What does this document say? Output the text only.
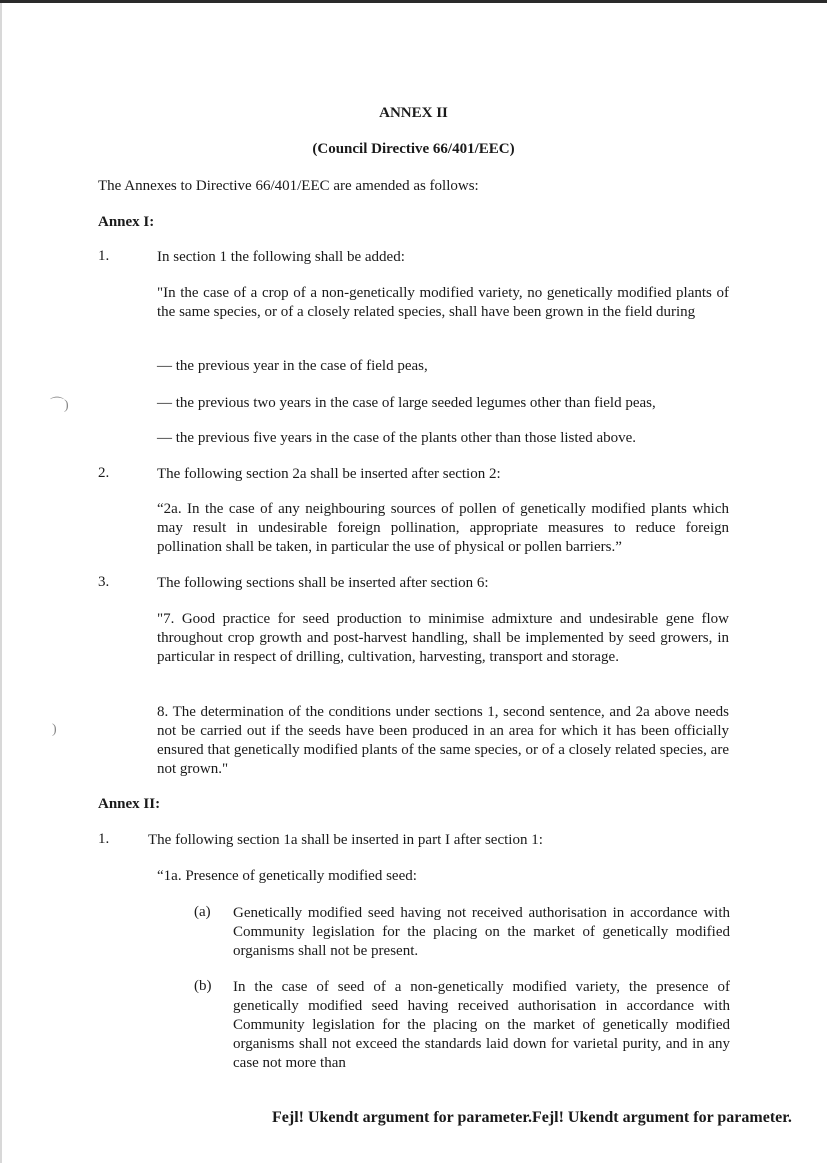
⌒)
)
ANNEX II
(Council Directive 66/401/EEC)

The Annexes to Directive 66/401/EEC are amended as follows:

Annex I:

1.	In section 1 the following shall be added:

"In the case of a crop of a non-genetically modified variety, no genetically modified plants of the same species, or of a closely related species, shall have been grown in the field during

— the previous year in the case of field peas,

— the previous two years in the case of large seeded legumes other than field peas,

— the previous five years in the case of the plants other than those listed above.

2.	The following section 2a shall be inserted after section 2:

“2a. In the case of any neighbouring sources of pollen of genetically modified plants which may result in undesirable foreign pollination, appropriate measures to reduce foreign pollination shall be taken, in particular the use of physical or pollen barriers.”

3.	The following sections shall be inserted after section 6:

"7. Good practice for seed production to minimise admixture and undesirable gene flow throughout crop growth and post-harvest handling, shall be implemented by seed growers, in particular in respect of drilling, cultivation, harvesting, transport and storage.

8. The determination of the conditions under sections 1, second sentence, and 2a above needs not be carried out if the seeds have been produced in an area for which it has been officially ensured that genetically modified plants of the same species, or of a closely related species, are not grown."

Annex II:

1.	The following section 1a shall be inserted in part I after section 1:

“1a. Presence of genetically modified seed:

(a) Genetically modified seed having not received authorisation in accordance with Community legislation for the placing on the market of genetically modified organisms shall not be present.

(b) In the case of seed of a non-genetically modified variety, the presence of genetically modified seed having received authorisation in accordance with Community legislation for the placing on the market of genetically modified organisms shall not exceed the standards laid down for varietal purity, and in any case not more than

Fejl! Ukendt argument for parameter.Fejl! Ukendt argument for parameter.
